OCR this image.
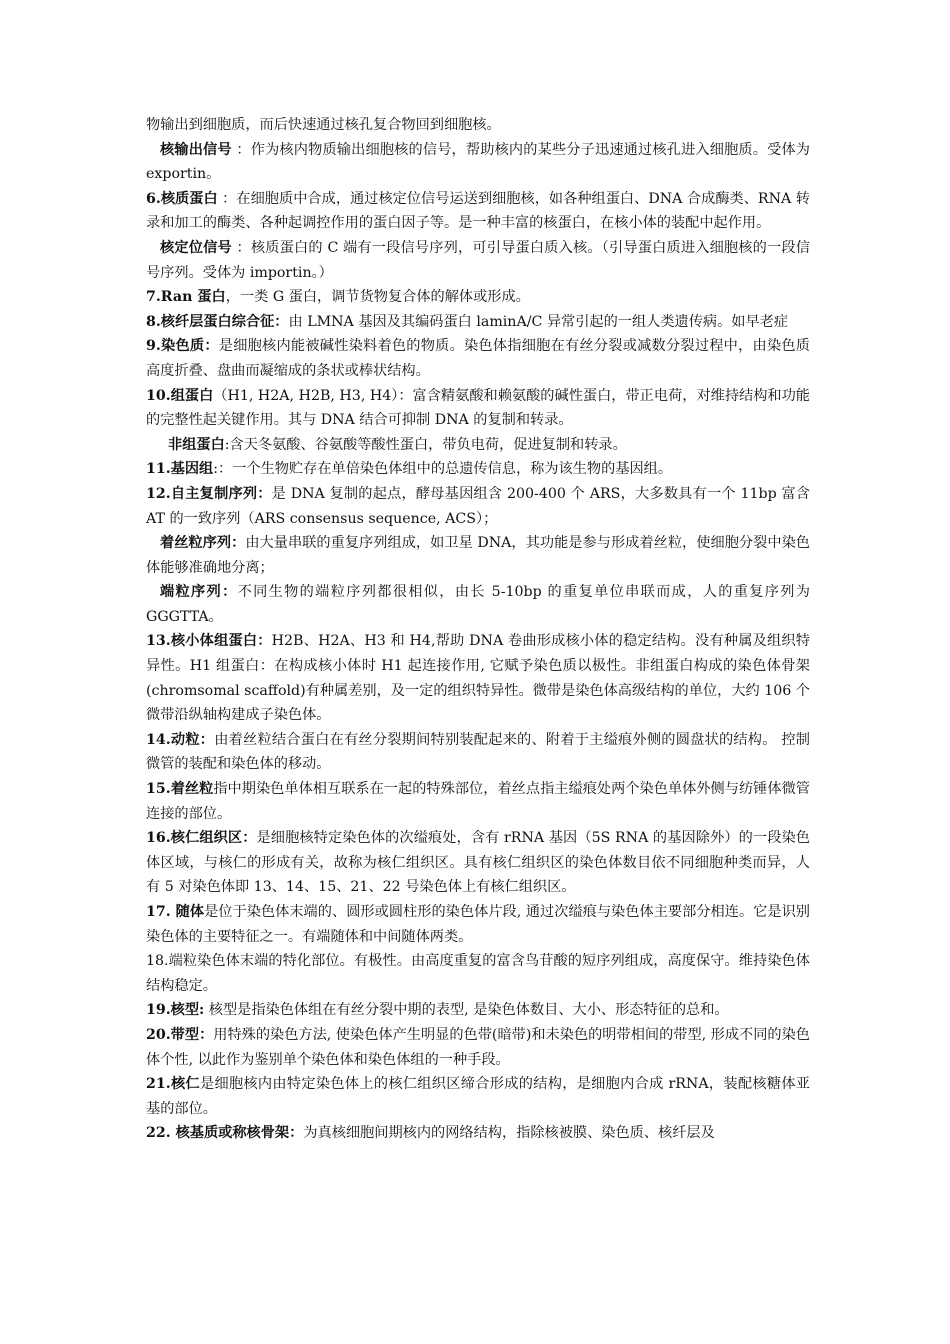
物输出到细胞质，而后快速通过核孔复合物回到细胞核。

核输出信号 ：作为核内物质输出细胞核的信号，帮助核内的某些分子迅速通过核孔进入细胞质。受体为 exportin。

6.核质蛋白 ：在细胞质中合成，通过核定位信号运送到细胞核，如各种组蛋白、DNA 合成酶类、RNA 转录和加工的酶类、各种起调控作用的蛋白因子等。是一种丰富的核蛋白，在核小体的装配中起作用。

核定位信号 ：核质蛋白的 C 端有一段信号序列，可引导蛋白质入核。（引导蛋白质进入细胞核的一段信号序列。受体为 importin。）

7.Ran 蛋白，一类 G 蛋白，调节货物复合体的解体或形成。

8.核纤层蛋白综合征：由 LMNA 基因及其编码蛋白 laminA/C 异常引起的一组人类遗传病。如早老症

9.染色质：是细胞核内能被碱性染料着色的物质。染色体指细胞在有丝分裂或减数分裂过程中，由染色质高度折叠、盘曲而凝缩成的条状或棒状结构。

10.组蛋白（H1, H2A, H2B, H3, H4）：富含精氨酸和赖氨酸的碱性蛋白，带正电荷，对维持结构和功能的完整性起关键作用。其与 DNA 结合可抑制 DNA 的复制和转录。

非组蛋白:含天冬氨酸、谷氨酸等酸性蛋白，带负电荷，促进复制和转录。

11.基因组:：一个生物贮存在单倍染色体组中的总遗传信息，称为该生物的基因组。

12.自主复制序列：是 DNA 复制的起点，酵母基因组含 200-400 个 ARS，大多数具有一个 11bp 富含 AT 的一致序列（ARS consensus sequence, ACS）；

着丝粒序列：由大量串联的重复序列组成，如卫星 DNA，其功能是参与形成着丝粒，使细胞分裂中染色体能够准确地分离；

端粒序列：不同生物的端粒序列都很相似，由长 5-10bp 的重复单位串联而成，人的重复序列为 GGGTTA。

13.核小体组蛋白：H2B、H2A、H3 和 H4,帮助 DNA 卷曲形成核小体的稳定结构。没有种属及组织特异性。H1 组蛋白：在构成核小体时 H1 起连接作用, 它赋予染色质以极性。非组蛋白构成的染色体骨架(chromsomal scaffold)有种属差别，及一定的组织特异性。微带是染色体高级结构的单位，大约 106 个微带沿纵轴构建成子染色体。

14.动粒：由着丝粒结合蛋白在有丝分裂期间特别装配起来的、附着于主缢痕外侧的圆盘状的结构。 控制微管的装配和染色体的移动。

15.着丝粒指中期染色单体相互联系在一起的特殊部位，着丝点指主缢痕处两个染色单体外侧与纺锤体微管连接的部位。

16.核仁组织区：是细胞核特定染色体的次缢痕处，含有 rRNA 基因（5S RNA 的基因除外）的一段染色体区域，与核仁的形成有关，故称为核仁组织区。具有核仁组织区的染色体数目依不同细胞种类而异，人有 5 对染色体即 13、14、15、21、22 号染色体上有核仁组织区。

17. 随体是位于染色体末端的、圆形或圆柱形的染色体片段, 通过次缢痕与染色体主要部分相连。它是识别染色体的主要特征之一。有端随体和中间随体两类。

18.端粒染色体末端的特化部位。有极性。由高度重复的富含鸟苷酸的短序列组成，高度保守。维持染色体结构稳定。

19.核型: 核型是指染色体组在有丝分裂中期的表型, 是染色体数目、大小、形态特征的总和。

20.带型：用特殊的染色方法, 使染色体产生明显的色带(暗带)和未染色的明带相间的带型, 形成不同的染色体个性, 以此作为鉴别单个染色体和染色体组的一种手段。

21.核仁是细胞核内由特定染色体上的核仁组织区缔合形成的结构，是细胞内合成 rRNA，装配核糖体亚基的部位。

22. 核基质或称核骨架：为真核细胞间期核内的网络结构，指除核被膜、染色质、核纤层及
